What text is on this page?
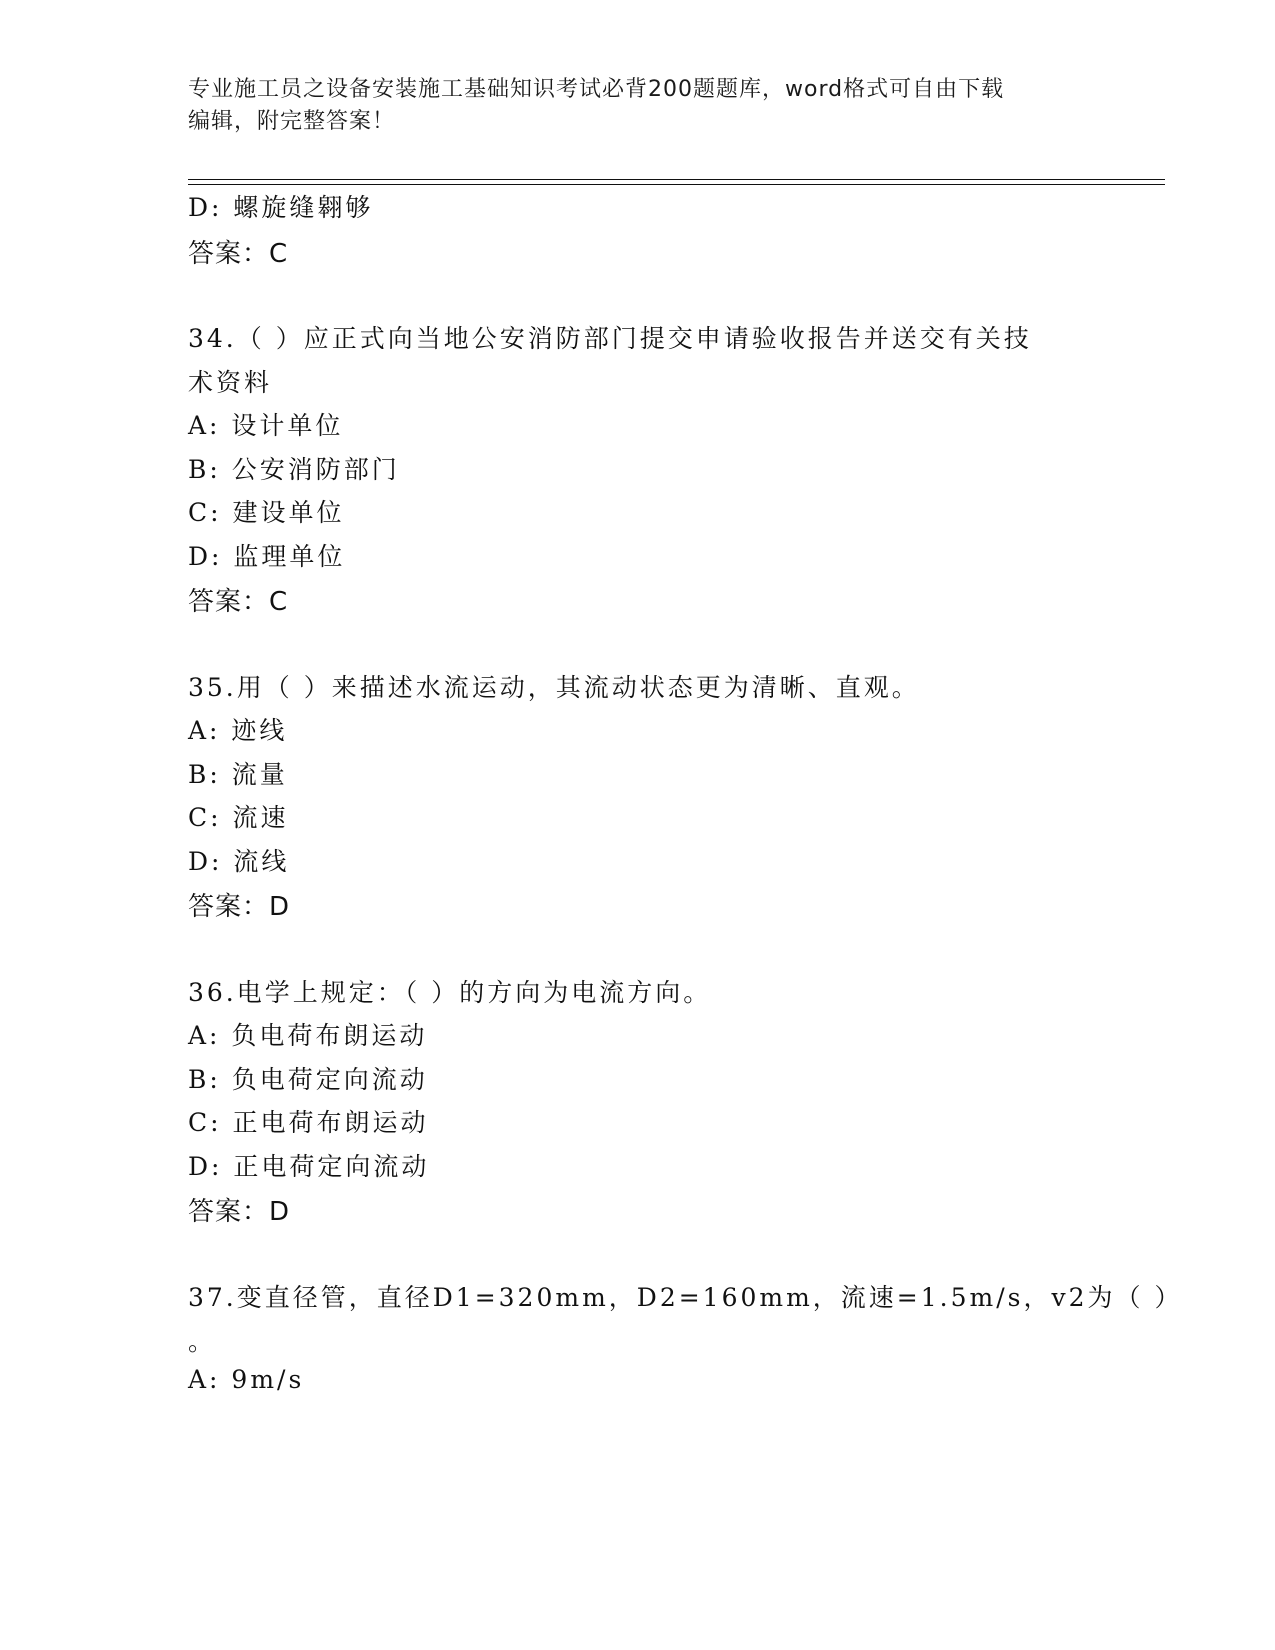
专业施工员之设备安装施工基础知识考试必背200题题库，word格式可自由下载
编辑，附完整答案！
D: 螺旋缝翱够
答案：C
34.（ ）应正式向当地公安消防部门提交申请验收报告并送交有关技
术资料
A: 设计单位
B: 公安消防部门
C: 建设单位
D: 监理单位
答案：C
35.用（ ）来描述水流运动，其流动状态更为清晰、直观。
A: 迹线
B: 流量
C: 流速
D: 流线
答案：D
36.电学上规定：（ ）的方向为电流方向。
A: 负电荷布朗运动
B: 负电荷定向流动
C: 正电荷布朗运动
D: 正电荷定向流动
答案：D
37.变直径管，直径D1=320mm，D2=160mm，流速=1.5m/s，v2为（ ）
。
A: 9m/s
